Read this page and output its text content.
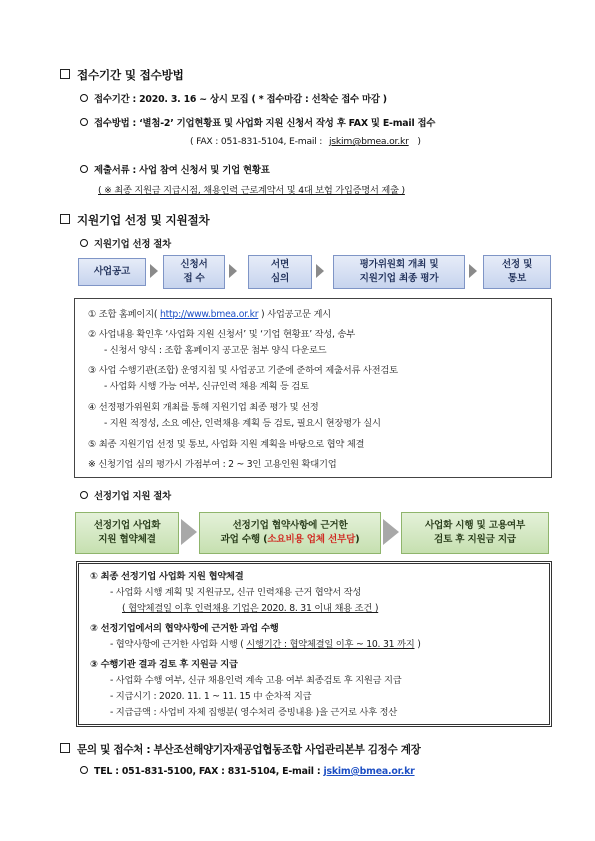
접수기간 및 접수방법
접수기간 : 2020. 3. 16 ~ 상시 모집 ( * 접수마감 : 선착순 접수 마감 )
접수방법 : ‘별첨-2’ 기업현황표 및 사업화 지원 신청서 작성 후 FAX 및 E-mail 접수
( FAX : 051-831-5104, E-mail : jskim@bmea.or.kr )
제출서류 : 사업 참여 신청서 및 기업 현황표
( ※ 최종 지원금 지급시점, 채용인력 근로계약서 및 4대 보험 가입증명서 제출 )
지원기업 선정 및 지원절차
지원기업 선정 절차
사업공고
신청서
접 수
서면
심의
평가위원회 개최 및
지원기업 최종 평가
선정 및
통보
① 조합 홈페이지( http://www.bmea.or.kr ) 사업공고문 게시
② 사업내용 확인후 ‘사업화 지원 신청서’ 및 ‘기업 현황표’ 작성, 송부
- 신청서 양식 : 조합 홈페이지 공고문 첨부 양식 다운로드
③ 사업 수행기관(조합) 운영지침 및 사업공고 기준에 준하여 제출서류 사전검토
- 사업화 시행 가능 여부, 신규인력 채용 계획 등 검토
④ 선정평가위원회 개최를 통해 지원기업 최종 평가 및 선정
- 지원 적정성, 소요 예산, 인력채용 계획 등 검토, 필요시 현장평가 실시
⑤ 최종 지원기업 선정 및 통보, 사업화 지원 계획을 바탕으로 협약 체결
※ 신청기업 심의 평가시 가점부여 : 2 ~ 3인 고용인원 확대기업
선정기업 지원 절차
선정기업 사업화
지원 협약체결
선정기업 협약사항에 근거한
과업 수행 (소요비용 업체 선부담)
사업화 시행 및 고용여부
검토 후 지원금 지급
① 최종 선정기업 사업화 지원 협약체결
- 사업화 시행 계획 및 지원규모, 신규 인력채용 근거 협약서 작성
( 협약체결일 이후 인력채용 기업은 2020. 8. 31 이내 채용 조건 )
② 선정기업에서의 협약사항에 근거한 과업 수행
- 협약사항에 근거한 사업화 시행 ( 시행기간 : 협약체결일 이후 ~ 10. 31 까지 )
③ 수행기관 결과 검토 후 지원금 지급
- 사업화 수행 여부, 신규 채용인력 계속 고용 여부 최종검토 후 지원금 지급
- 지급시기 : 2020. 11. 1 ~ 11. 15 中 순차적 지급
- 지급금액 : 사업비 자체 집행분( 영수처리 증빙내용 )을 근거로 사후 정산
문의 및 접수처 : 부산조선해양기자재공업협동조합 사업관리본부 김정수 계장
TEL : 051-831-5100, FAX : 831-5104, E-mail : jskim@bmea.or.kr
